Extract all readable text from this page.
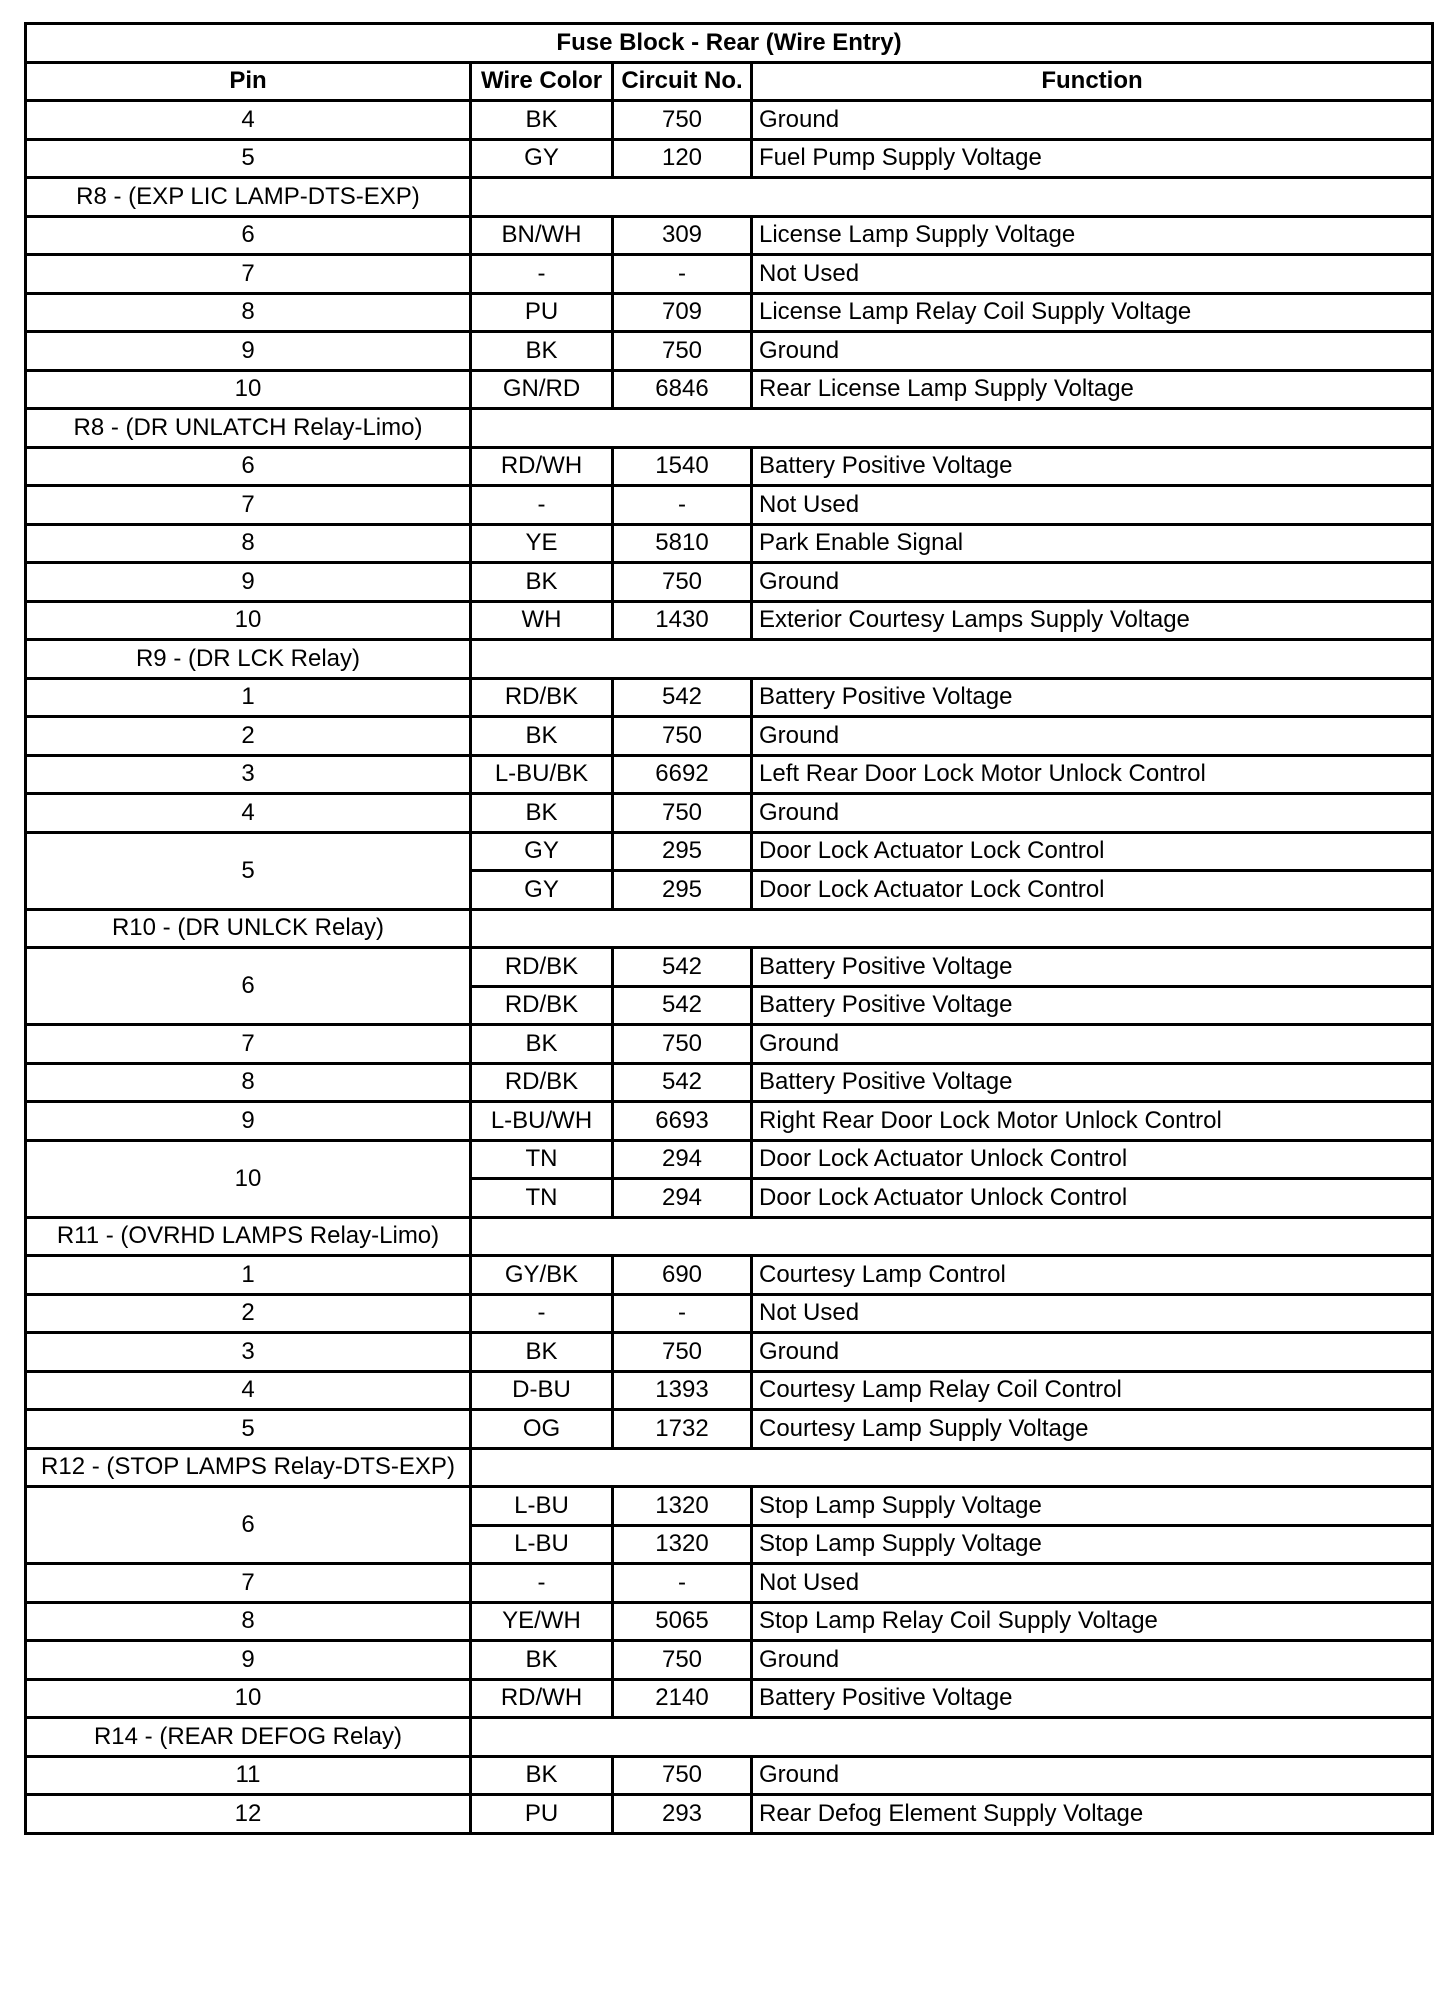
Fuse Block - Rear (Wire Entry)			
Pin	Wire Color	Circuit No.	Function
4	BK	750	Ground
5	GY	120	Fuel Pump Supply Voltage
R8 - (EXP LIC LAMP-DTS-EXP)			
6	BN/WH	309	License Lamp Supply Voltage
7	-	-	Not Used
8	PU	709	License Lamp Relay Coil Supply Voltage
9	BK	750	Ground
10	GN/RD	6846	Rear License Lamp Supply Voltage
R8 - (DR UNLATCH Relay-Limo)			
6	RD/WH	1540	Battery Positive Voltage
7	-	-	Not Used
8	YE	5810	Park Enable Signal
9	BK	750	Ground
10	WH	1430	Exterior Courtesy Lamps Supply Voltage
R9 - (DR LCK Relay)			
1	RD/BK	542	Battery Positive Voltage
2	BK	750	Ground
3	L-BU/BK	6692	Left Rear Door Lock Motor Unlock Control
4	BK	750	Ground
5	GY	295	Door Lock Actuator Lock Control
	GY	295	Door Lock Actuator Lock Control
R10 - (DR UNLCK Relay)			
6	RD/BK	542	Battery Positive Voltage
	RD/BK	542	Battery Positive Voltage
7	BK	750	Ground
8	RD/BK	542	Battery Positive Voltage
9	L-BU/WH	6693	Right Rear Door Lock Motor Unlock Control
10	TN	294	Door Lock Actuator Unlock Control
	TN	294	Door Lock Actuator Unlock Control
R11 - (OVRHD LAMPS Relay-Limo)			
1	GY/BK	690	Courtesy Lamp Control
2	-	-	Not Used
3	BK	750	Ground
4	D-BU	1393	Courtesy Lamp Relay Coil Control
5	OG	1732	Courtesy Lamp Supply Voltage
R12 - (STOP LAMPS Relay-DTS-EXP)			
6	L-BU	1320	Stop Lamp Supply Voltage
	L-BU	1320	Stop Lamp Supply Voltage
7	-	-	Not Used
8	YE/WH	5065	Stop Lamp Relay Coil Supply Voltage
9	BK	750	Ground
10	RD/WH	2140	Battery Positive Voltage
R14 - (REAR DEFOG Relay)			
11	BK	750	Ground
12	PU	293	Rear Defog Element Supply Voltage
